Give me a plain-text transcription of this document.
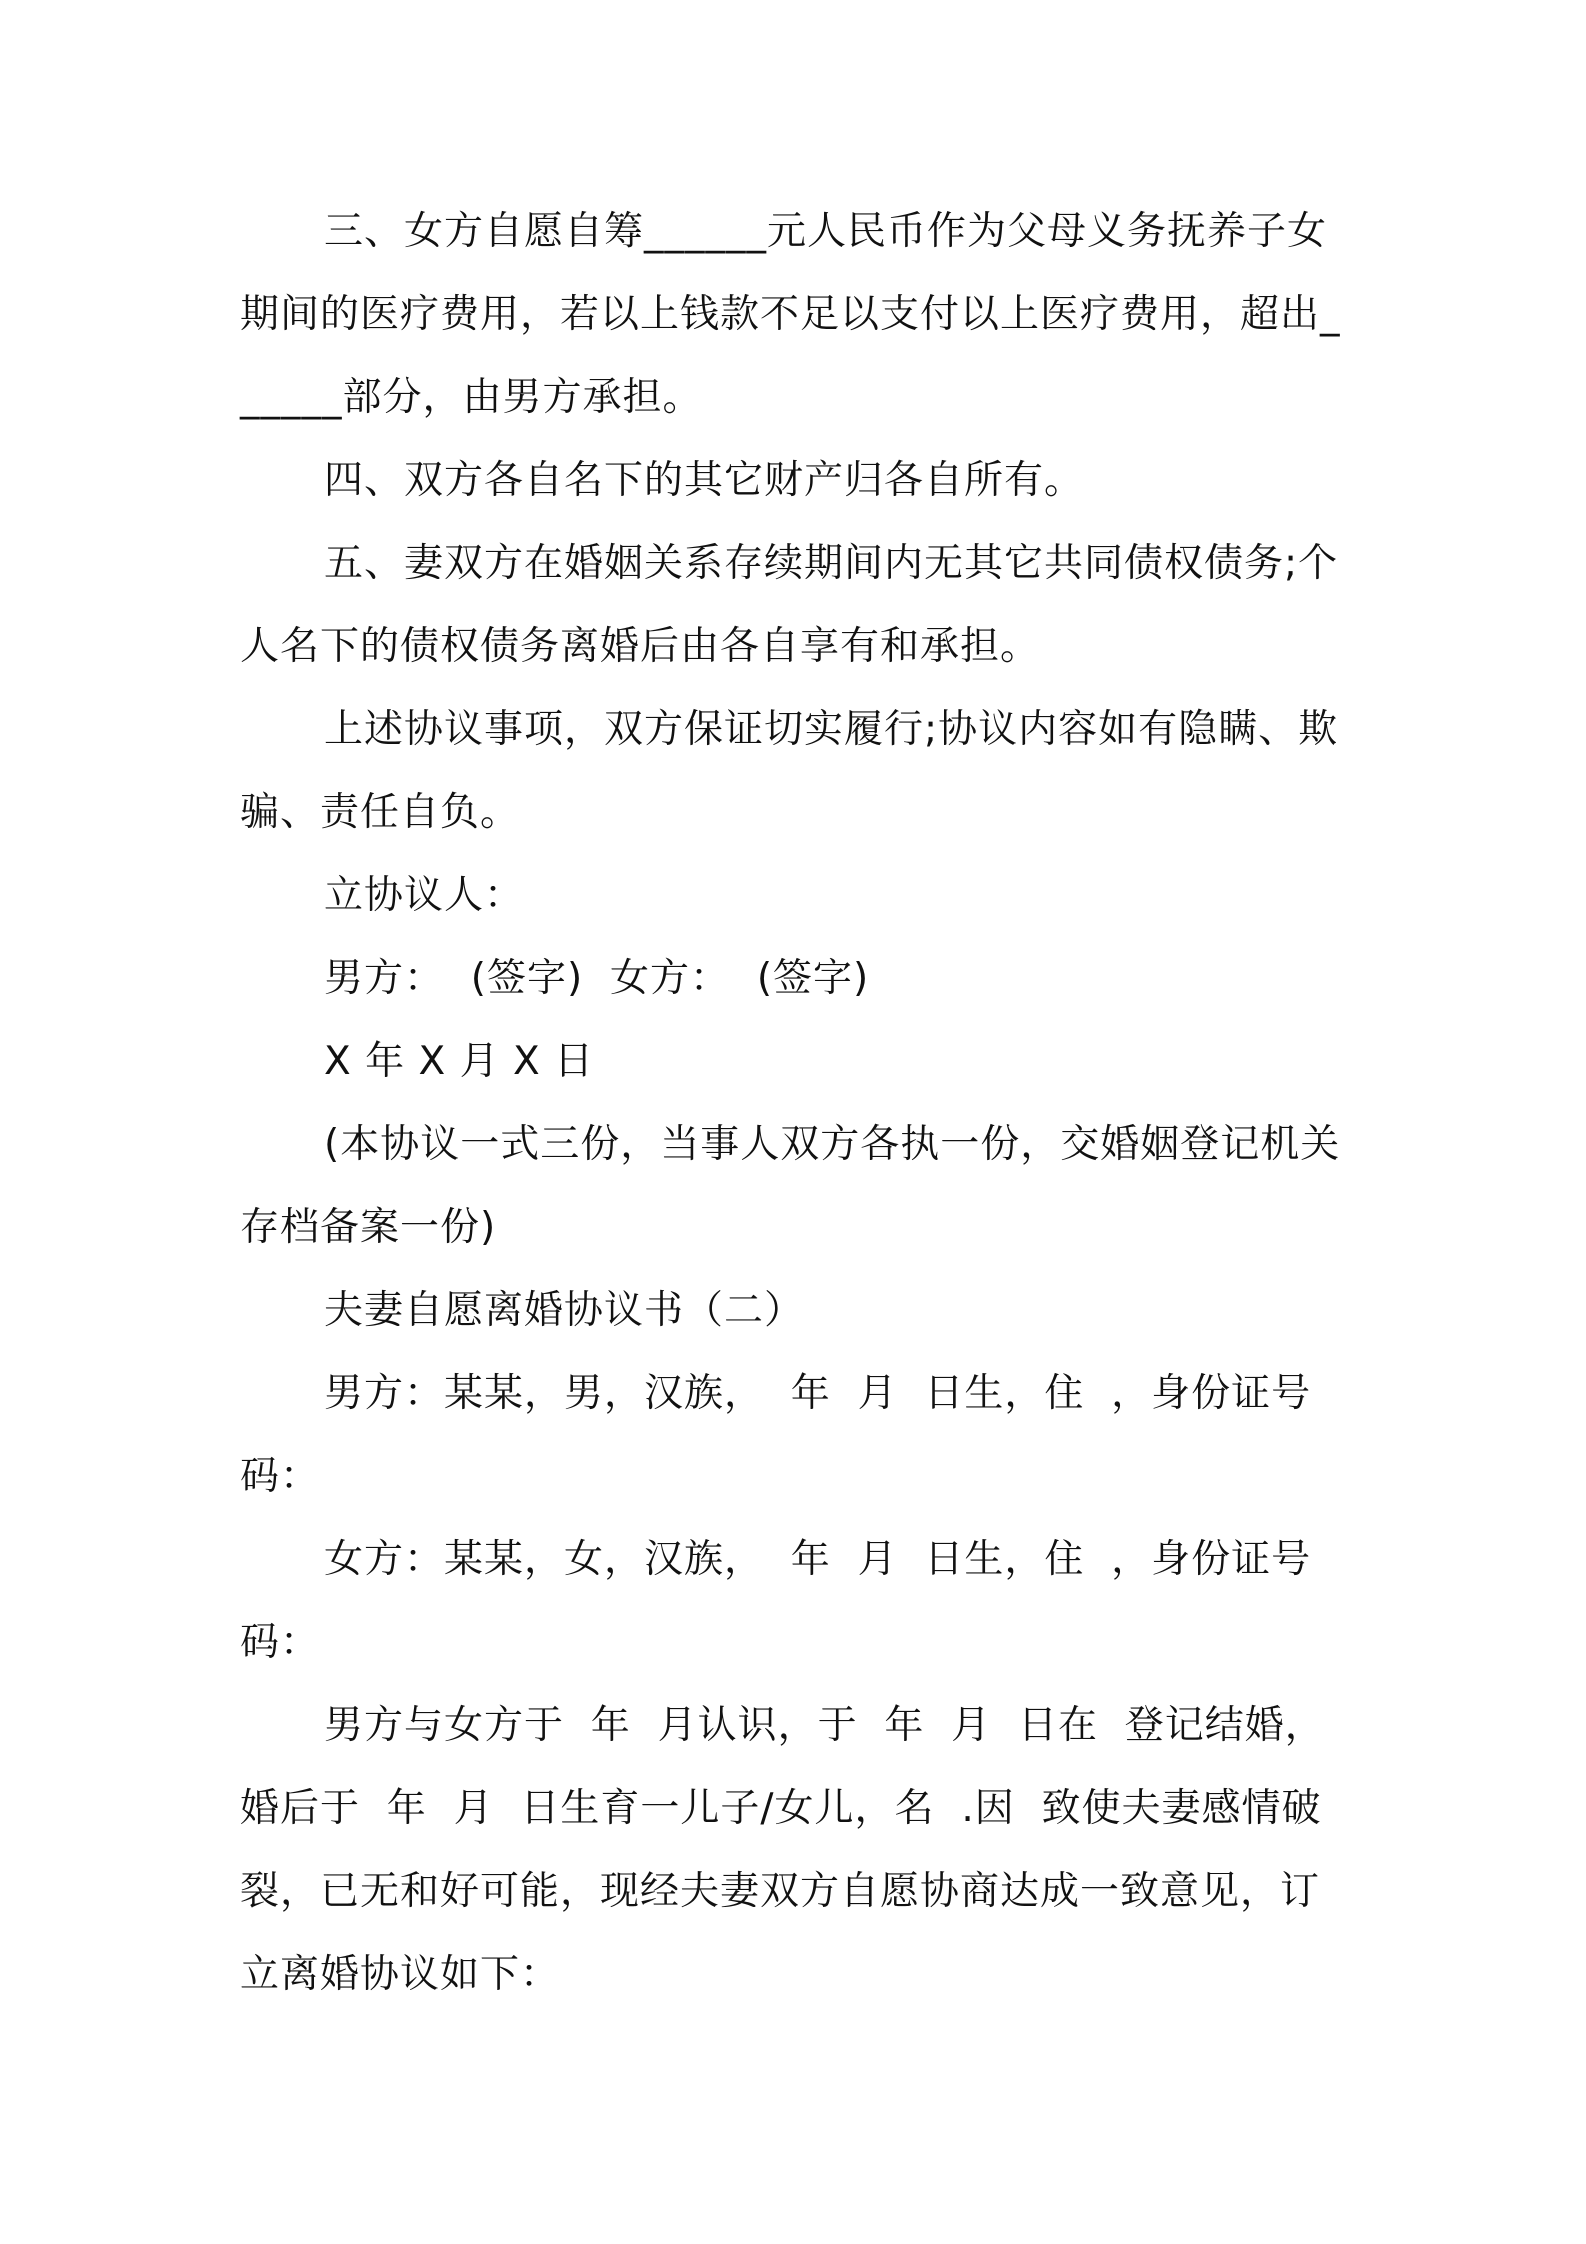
三、女方自愿自筹______元人民币作为父母义务抚养子女期间的医疗费用，若以上钱款不足以支付以上医疗费用，超出______部分，由男方承担。

四、双方各自名下的其它财产归各自所有。

五、妻双方在婚姻关系存续期间内无其它共同债权债务;个人名下的债权债务离婚后由各自享有和承担。

上述协议事项，双方保证切实履行;协议内容如有隐瞒、欺骗、责任自负。

立协议人：

男方：  (签字)  女方：  (签字)

X 年 X 月 X 日

(本协议一式三份，当事人双方各执一份，交婚姻登记机关存档备案一份)

夫妻自愿离婚协议书（二）

男方：某某，男，汉族，  年  月  日生，住  ，身份证号码：

女方：某某，女，汉族，  年  月  日生，住  ，身份证号码：

男方与女方于  年  月认识，于  年  月  日在  登记结婚，婚后于  年  月  日生育一儿子/女儿，名  .因  致使夫妻感情破裂，已无和好可能，现经夫妻双方自愿协商达成一致意见，订立离婚协议如下：
